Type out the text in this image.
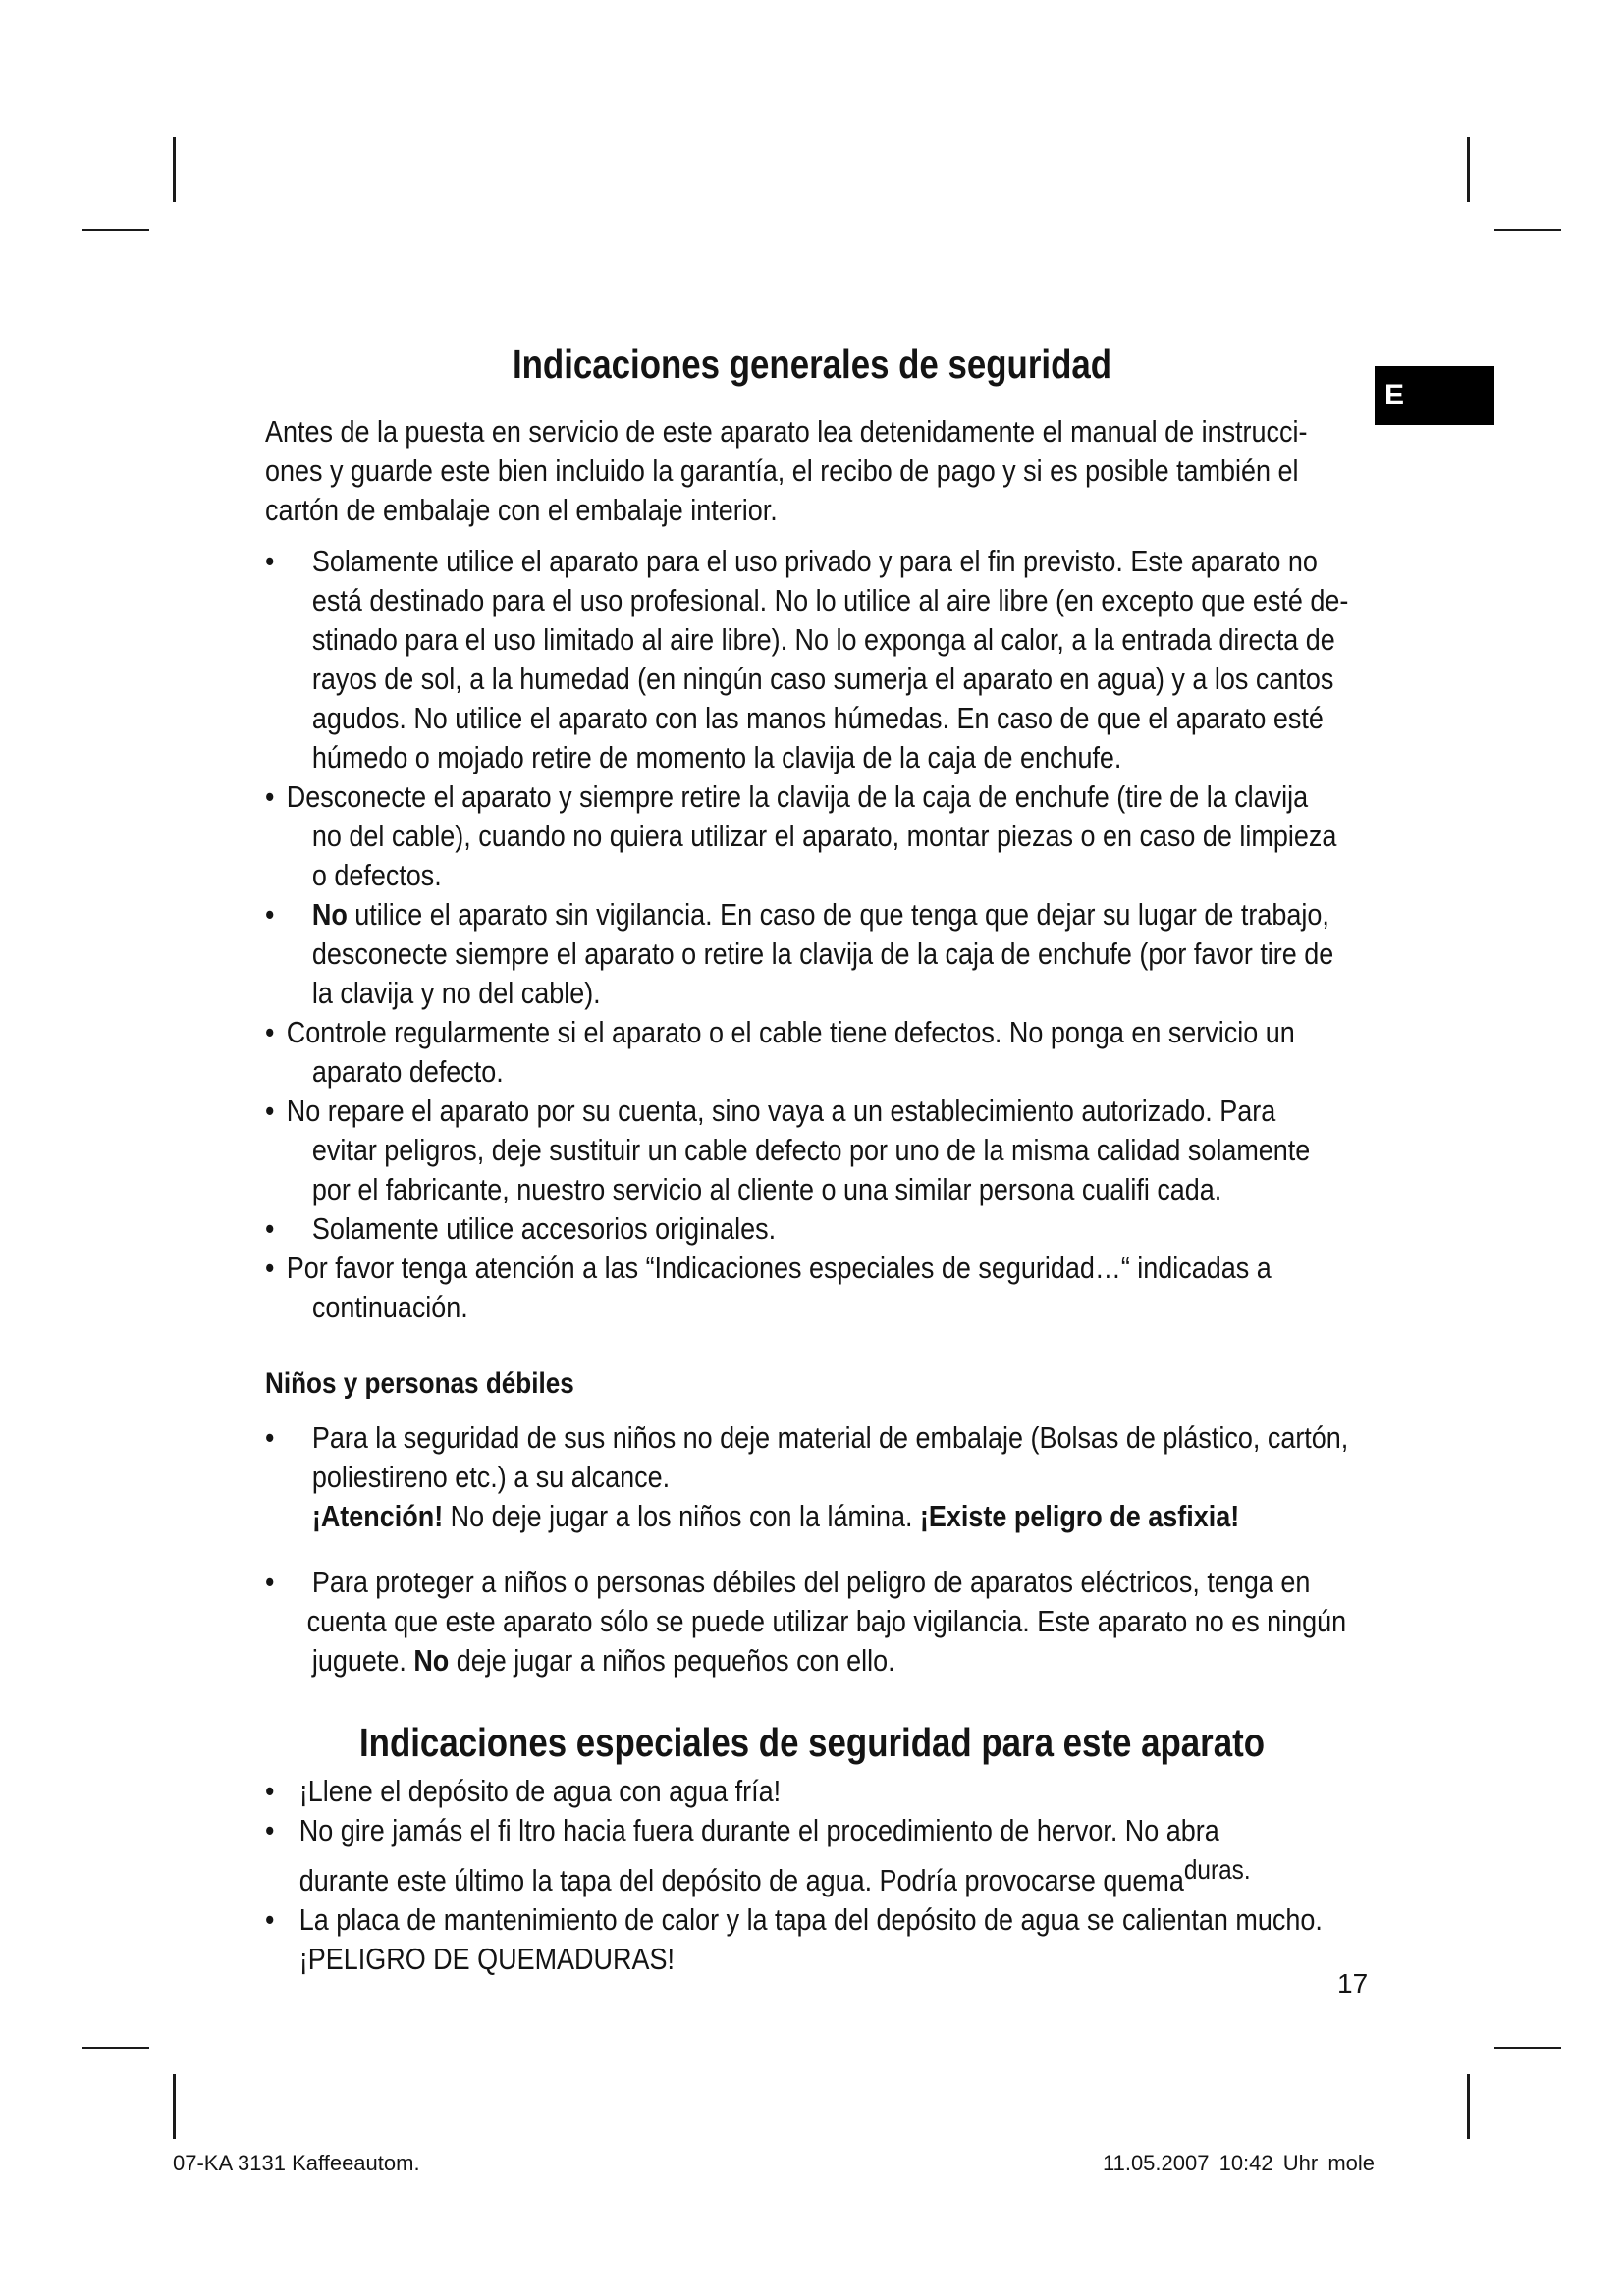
E
Indicaciones generales de seguridad
Antes de la puesta en servicio de este aparato lea detenidamente el manual de instrucci-
ones y guarde este bien incluido la garantía, el recibo de pago y si es posible también el
cartón de embalaje con el embalaje interior.
•	Solamente utilice el aparato para el uso privado y para el fin previsto. Este aparato no
está destinado para el uso profesional. No lo utilice al aire libre (en excepto que esté de-
stinado para el uso limitado al aire libre). No lo exponga al calor, a la entrada directa de
rayos de sol, a la humedad (en ningún caso sumerja el aparato en agua) y a los cantos
agudos. No utilice el aparato con las manos húmedas. En caso de que el aparato esté
húmedo o mojado retire de momento la clavija de la caja de enchufe.
• Desconecte el aparato y siempre retire la clavija de la caja de enchufe (tire de la clavija
no del cable), cuando no quiera utilizar el aparato, montar piezas o en caso de limpieza
o defectos.
•	No utilice el aparato sin vigilancia. En caso de que tenga que dejar su lugar de trabajo,
desconecte siempre el aparato o retire la clavija de la caja de enchufe (por favor tire de
la clavija y no del cable).
• Controle regularmente si el aparato o el cable tiene defectos. No ponga en servicio un
aparato defecto.
• No repare el aparato por su cuenta, sino vaya a un establecimiento autorizado. Para
evitar peligros, deje sustituir un cable defecto por uno de la misma calidad solamente
por el fabricante, nuestro servicio al cliente o una similar persona cualifi cada.
•	Solamente utilice accesorios originales.
• Por favor tenga atención a las “Indicaciones especiales de seguridad…“ indicadas a
continuación.
Niños y personas débiles
•	Para la seguridad de sus niños no deje material de embalaje (Bolsas de plástico, cartón,
poliestireno etc.) a su alcance.
¡Atención! No deje jugar a los niños con la lámina. ¡Existe peligro de asfixia!
•	Para proteger a niños o personas débiles del peligro de aparatos eléctricos, tenga en
cuenta que este aparato sólo se puede utilizar bajo vigilancia. Este aparato no es ningún
juguete. No deje jugar a niños pequeños con ello.
Indicaciones especiales de seguridad para este aparato
• ¡Llene el depósito de agua con agua fría!
• No gire jamás el fi ltro hacia fuera durante el procedimiento de hervor. No abra
durante este último la tapa del depósito de agua. Podría provocarse quema$^{duras.}$
• La placa de mantenimiento de calor y la tapa del depósito de agua se calientan mucho.
¡PELIGRO DE QUEMADURAS!
17
07-KA 3131 Kaffeeautom.	11.05.2007 10:42 Uhr mole
